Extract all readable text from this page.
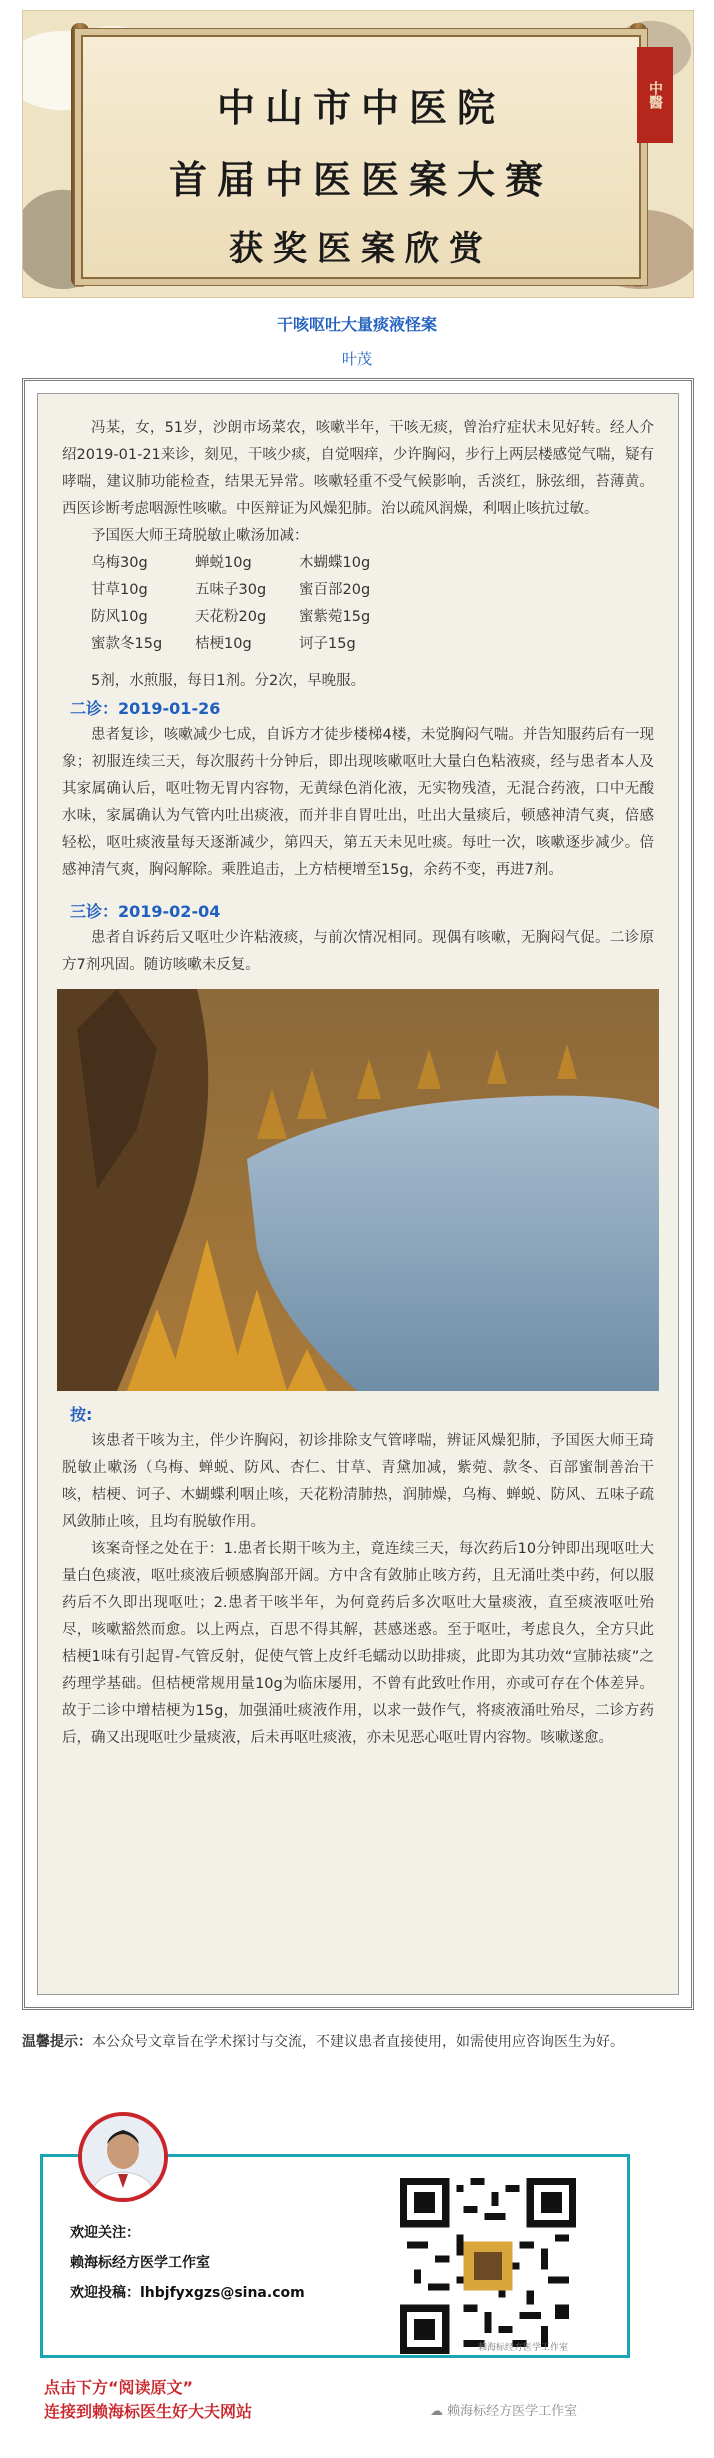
中山市中医院
首届中医医案大赛
获奖医案欣赏
中醫
干咳呕吐大量痰液怪案
叶茂

冯某，女，51岁，沙朗市场菜农，咳嗽半年，干咳无痰，曾治疗症状未见好转。经人介绍2019-01-21来诊，刻见，干咳少痰，自觉咽痒，少许胸闷，步行上两层楼感觉气喘，疑有哮喘，建议肺功能检查，结果无异常。咳嗽轻重不受气候影响，舌淡红，脉弦细，苔薄黄。西医诊断考虑咽源性咳嗽。中医辩证为风燥犯肺。治以疏风润燥，利咽止咳抗过敏。

予国医大师王琦脱敏止嗽汤加减：

乌梅30g	蝉蜕10g	木蝴蝶10g
甘草10g	五味子30g 蜜百部20g
防风10g	天花粉20g 蜜紫菀15g
蜜款冬15g 桔梗10g	诃子15g

5剂，水煎服，每日1剂。分2次，早晚服。

二诊：2019-01-26

患者复诊，咳嗽减少七成，自诉方才徒步楼梯4楼，未觉胸闷气喘。并告知服药后有一现象；初服连续三天，每次服药十分钟后，即出现咳嗽呕吐大量白色粘液痰，经与患者本人及其家属确认后，呕吐物无胃内容物，无黄绿色消化液，无实物残渣，无混合药液，口中无酸水味，家属确认为气管内吐出痰液，而并非自胃吐出，吐出大量痰后，顿感神清气爽，倍感轻松，呕吐痰液量每天逐渐减少，第四天，第五天未见吐痰。每吐一次，咳嗽逐步减少。倍感神清气爽，胸闷解除。乘胜追击，上方桔梗增至15g，余药不变，再进7剂。

三诊：2019-02-04

患者自诉药后又呕吐少许粘液痰，与前次情况相同。现偶有咳嗽，无胸闷气促。二诊原方7剂巩固。随访咳嗽未反复。

按:

该患者干咳为主，伴少许胸闷，初诊排除支气管哮喘，辨证风燥犯肺，予国医大师王琦脱敏止嗽汤（乌梅、蝉蜕、防风、杏仁、甘草、青黛加减，紫菀、款冬、百部蜜制善治干咳，桔梗、诃子、木蝴蝶利咽止咳，天花粉清肺热，润肺燥，乌梅、蝉蜕、防风、五味子疏风敛肺止咳，且均有脱敏作用。

该案奇怪之处在于：1.患者长期干咳为主，竟连续三天，每次药后10分钟即出现呕吐大量白色痰液，呕吐痰液后顿感胸部开阔。方中含有敛肺止咳方药，且无涌吐类中药，何以服药后不久即出现呕吐；2.患者干咳半年，为何竟药后多次呕吐大量痰液，直至痰液呕吐殆尽，咳嗽豁然而愈。以上两点，百思不得其解，甚感迷惑。至于呕吐，考虑良久，全方只此桔梗1味有引起胃-气管反射，促使气管上皮纤毛蠕动以助排痰，此即为其功效“宣肺祛痰”之药理学基础。但桔梗常规用量10g为临床屡用，不曾有此致吐作用，亦或可存在个体差异。故于二诊中增桔梗为15g，加强涌吐痰液作用，以求一鼓作气，将痰液涌吐殆尽，二诊方药后，确又出现呕吐少量痰液，后未再呕吐痰液，亦未见恶心呕吐胃内容物。咳嗽遂愈。

温馨提示：本公众号文章旨在学术探讨与交流，不建议患者直接使用，如需使用应咨询医生为好。
欢迎关注：
赖海标经方医学工作室
欢迎投稿：lhbjfyxgzs@sina.com
赖海标经方医学工作室
点击下方“阅读原文”
连接到赖海标医生好大夫网站	☁ 赖海标经方医学工作室
